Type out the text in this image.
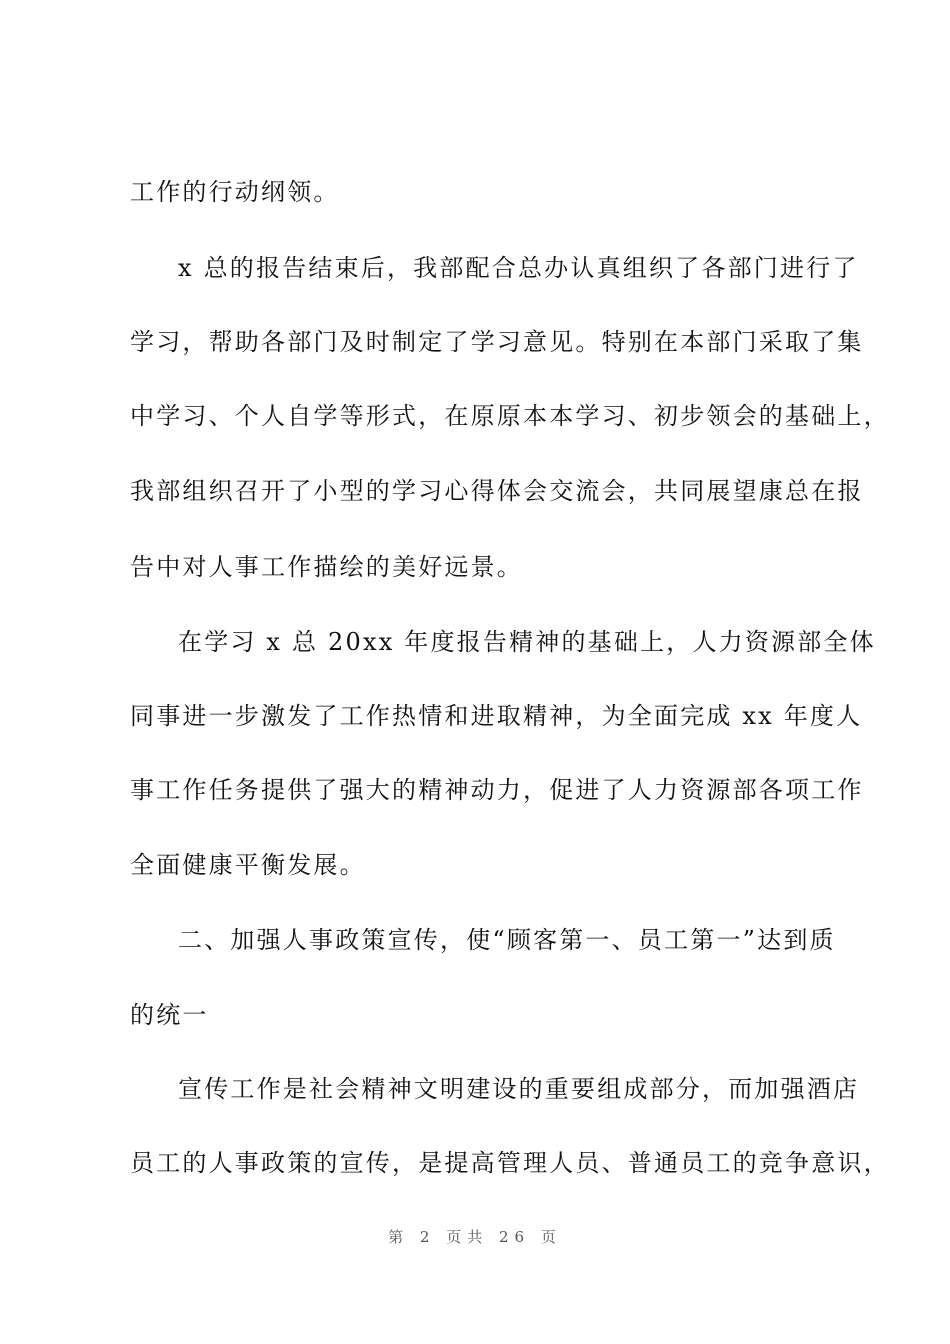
工作的行动纲领。
x 总的报告结束后，我部配合总办认真组织了各部门进行了
学习，帮助各部门及时制定了学习意见。特别在本部门采取了集
中学习、个人自学等形式，在原原本本学习、初步领会的基础上，
我部组织召开了小型的学习心得体会交流会，共同展望康总在报
告中对人事工作描绘的美好远景。
在学习 x 总 20xx 年度报告精神的基础上，人力资源部全体
同事进一步激发了工作热情和进取精神，为全面完成 xx 年度人
事工作任务提供了强大的精神动力，促进了人力资源部各项工作
全面健康平衡发展。
二、加强人事政策宣传，使“顾客第一、员工第一”达到质
的统一
宣传工作是社会精神文明建设的重要组成部分，而加强酒店
员工的人事政策的宣传，是提高管理人员、普通员工的竞争意识，
第 2 页共 26 页
